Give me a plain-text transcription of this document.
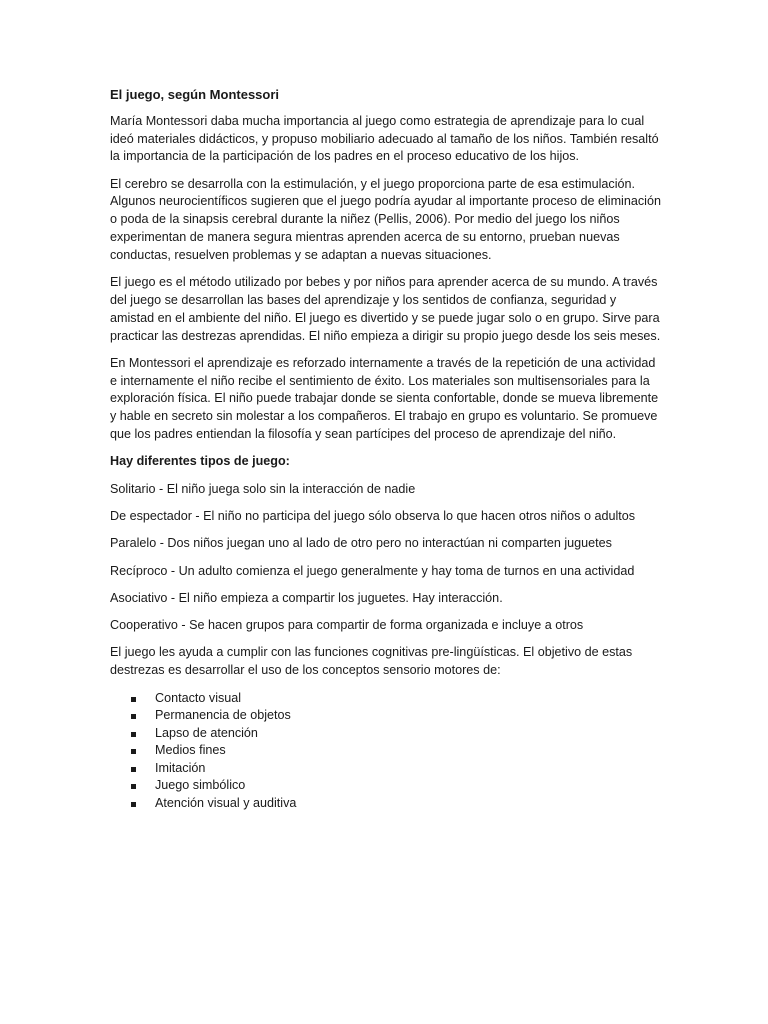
El juego, según Montessori

María Montessori daba mucha importancia al juego como estrategia de aprendizaje para lo cual ideó materiales didácticos, y propuso mobiliario adecuado al tamaño de los niños. También resaltó la importancia de la participación de los padres en el proceso educativo de los hijos.

El cerebro se desarrolla con la estimulación, y el juego proporciona parte de esa estimulación. Algunos neurocientíficos sugieren que el juego podría ayudar al importante proceso de eliminación o poda de la sinapsis cerebral durante la niñez (Pellis, 2006). Por medio del juego los niños experimentan de manera segura mientras aprenden acerca de su entorno, prueban nuevas conductas, resuelven problemas y se adaptan a nuevas situaciones.

El juego es el método utilizado por bebes y por niños para aprender acerca de su mundo. A través del juego se desarrollan las bases del aprendizaje y los sentidos de confianza, seguridad y amistad en el ambiente del niño. El juego es divertido y se puede jugar solo o en grupo. Sirve para practicar las destrezas aprendidas. El niño empieza a dirigir su propio juego desde los seis meses.

En Montessori el aprendizaje es reforzado internamente a través de la repetición de una actividad e internamente el niño recibe el sentimiento de éxito. Los materiales son multisensoriales para la exploración física. El niño puede trabajar donde se sienta confortable, donde se mueva libremente y hable en secreto sin molestar a los compañeros. El trabajo en grupo es voluntario. Se promueve que los padres entiendan la filosofía y sean partícipes del proceso de aprendizaje del niño.

Hay diferentes tipos de juego:

Solitario - El niño juega solo sin la interacción de nadie

De espectador - El niño no participa del juego sólo observa lo que hacen otros niños o adultos

Paralelo - Dos niños juegan uno al lado de otro pero no interactúan ni comparten juguetes

Recíproco - Un adulto comienza el juego generalmente y hay toma de turnos en una actividad

Asociativo - El niño empieza a compartir los juguetes. Hay interacción.

Cooperativo - Se hacen grupos para compartir de forma organizada e incluye a otros

El juego les ayuda a cumplir con las funciones cognitivas pre-lingüísticas. El objetivo de estas destrezas es desarrollar el uso de los conceptos sensorio motores de:

Contacto visual
Permanencia de objetos
Lapso de atención
Medios fines
Imitación
Juego simbólico
Atención visual y auditiva
